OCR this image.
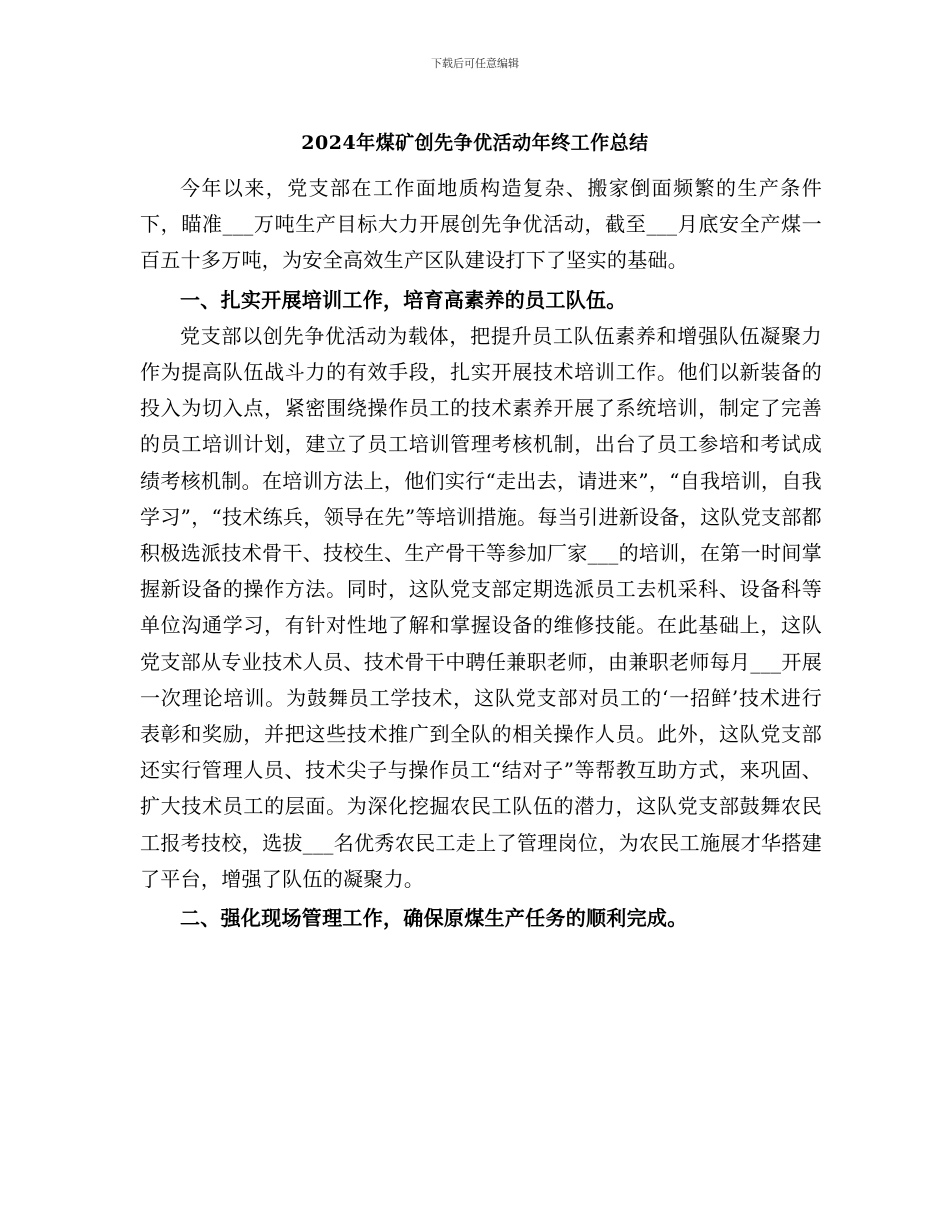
下载后可任意编辑
2024年煤矿创先争优活动年终工作总结

今年以来，党支部在工作面地质构造复杂、搬家倒面频繁的生产条件下，瞄准___万吨生产目标大力开展创先争优活动，截至___月底安全产煤一百五十多万吨，为安全高效生产区队建设打下了坚实的基础。

一、扎实开展培训工作，培育高素养的员工队伍。

党支部以创先争优活动为载体，把提升员工队伍素养和增强队伍凝聚力作为提高队伍战斗力的有效手段，扎实开展技术培训工作。他们以新装备的投入为切入点，紧密围绕操作员工的技术素养开展了系统培训，制定了完善的员工培训计划，建立了员工培训管理考核机制，出台了员工参培和考试成绩考核机制。在培训方法上，他们实行“走出去，请进来”，“自我培训，自我学习”，“技术练兵，领导在先”等培训措施。每当引进新设备，这队党支部都积极选派技术骨干、技校生、生产骨干等参加厂家___的培训，在第一时间掌握新设备的操作方法。同时，这队党支部定期选派员工去机采科、设备科等单位沟通学习，有针对性地了解和掌握设备的维修技能。在此基础上，这队党支部从专业技术人员、技术骨干中聘任兼职老师，由兼职老师每月___开展一次理论培训。为鼓舞员工学技术，这队党支部对员工的‘一招鲜’技术进行表彰和奖励，并把这些技术推广到全队的相关操作人员。此外，这队党支部还实行管理人员、技术尖子与操作员工“结对子”等帮教互助方式，来巩固、扩大技术员工的层面。为深化挖掘农民工队伍的潜力，这队党支部鼓舞农民工报考技校，选拔___名优秀农民工走上了管理岗位，为农民工施展才华搭建了平台，增强了队伍的凝聚力。

二、强化现场管理工作，确保原煤生产任务的顺利完成。
